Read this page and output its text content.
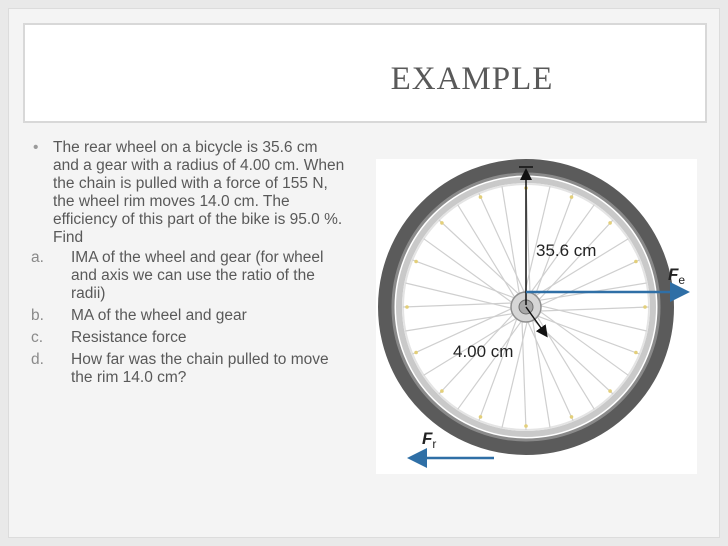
EXAMPLE
• The rear wheel on a bicycle is 35.6 cm and a gear with a radius of 4.00 cm. When the chain is pulled with a force of 155 N, the wheel rim moves 14.0 cm. The efficiency of this part of the bike is 95.0 %. Find
a. IMA of the wheel and gear (for wheel and axis we can use the ratio of the radii)
b. MA of the wheel and gear
c. Resistance force
d. How far was the chain pulled to move the rim 14.0 cm?
35.6 cm
4.00 cm
$F_e$
$F_r$
